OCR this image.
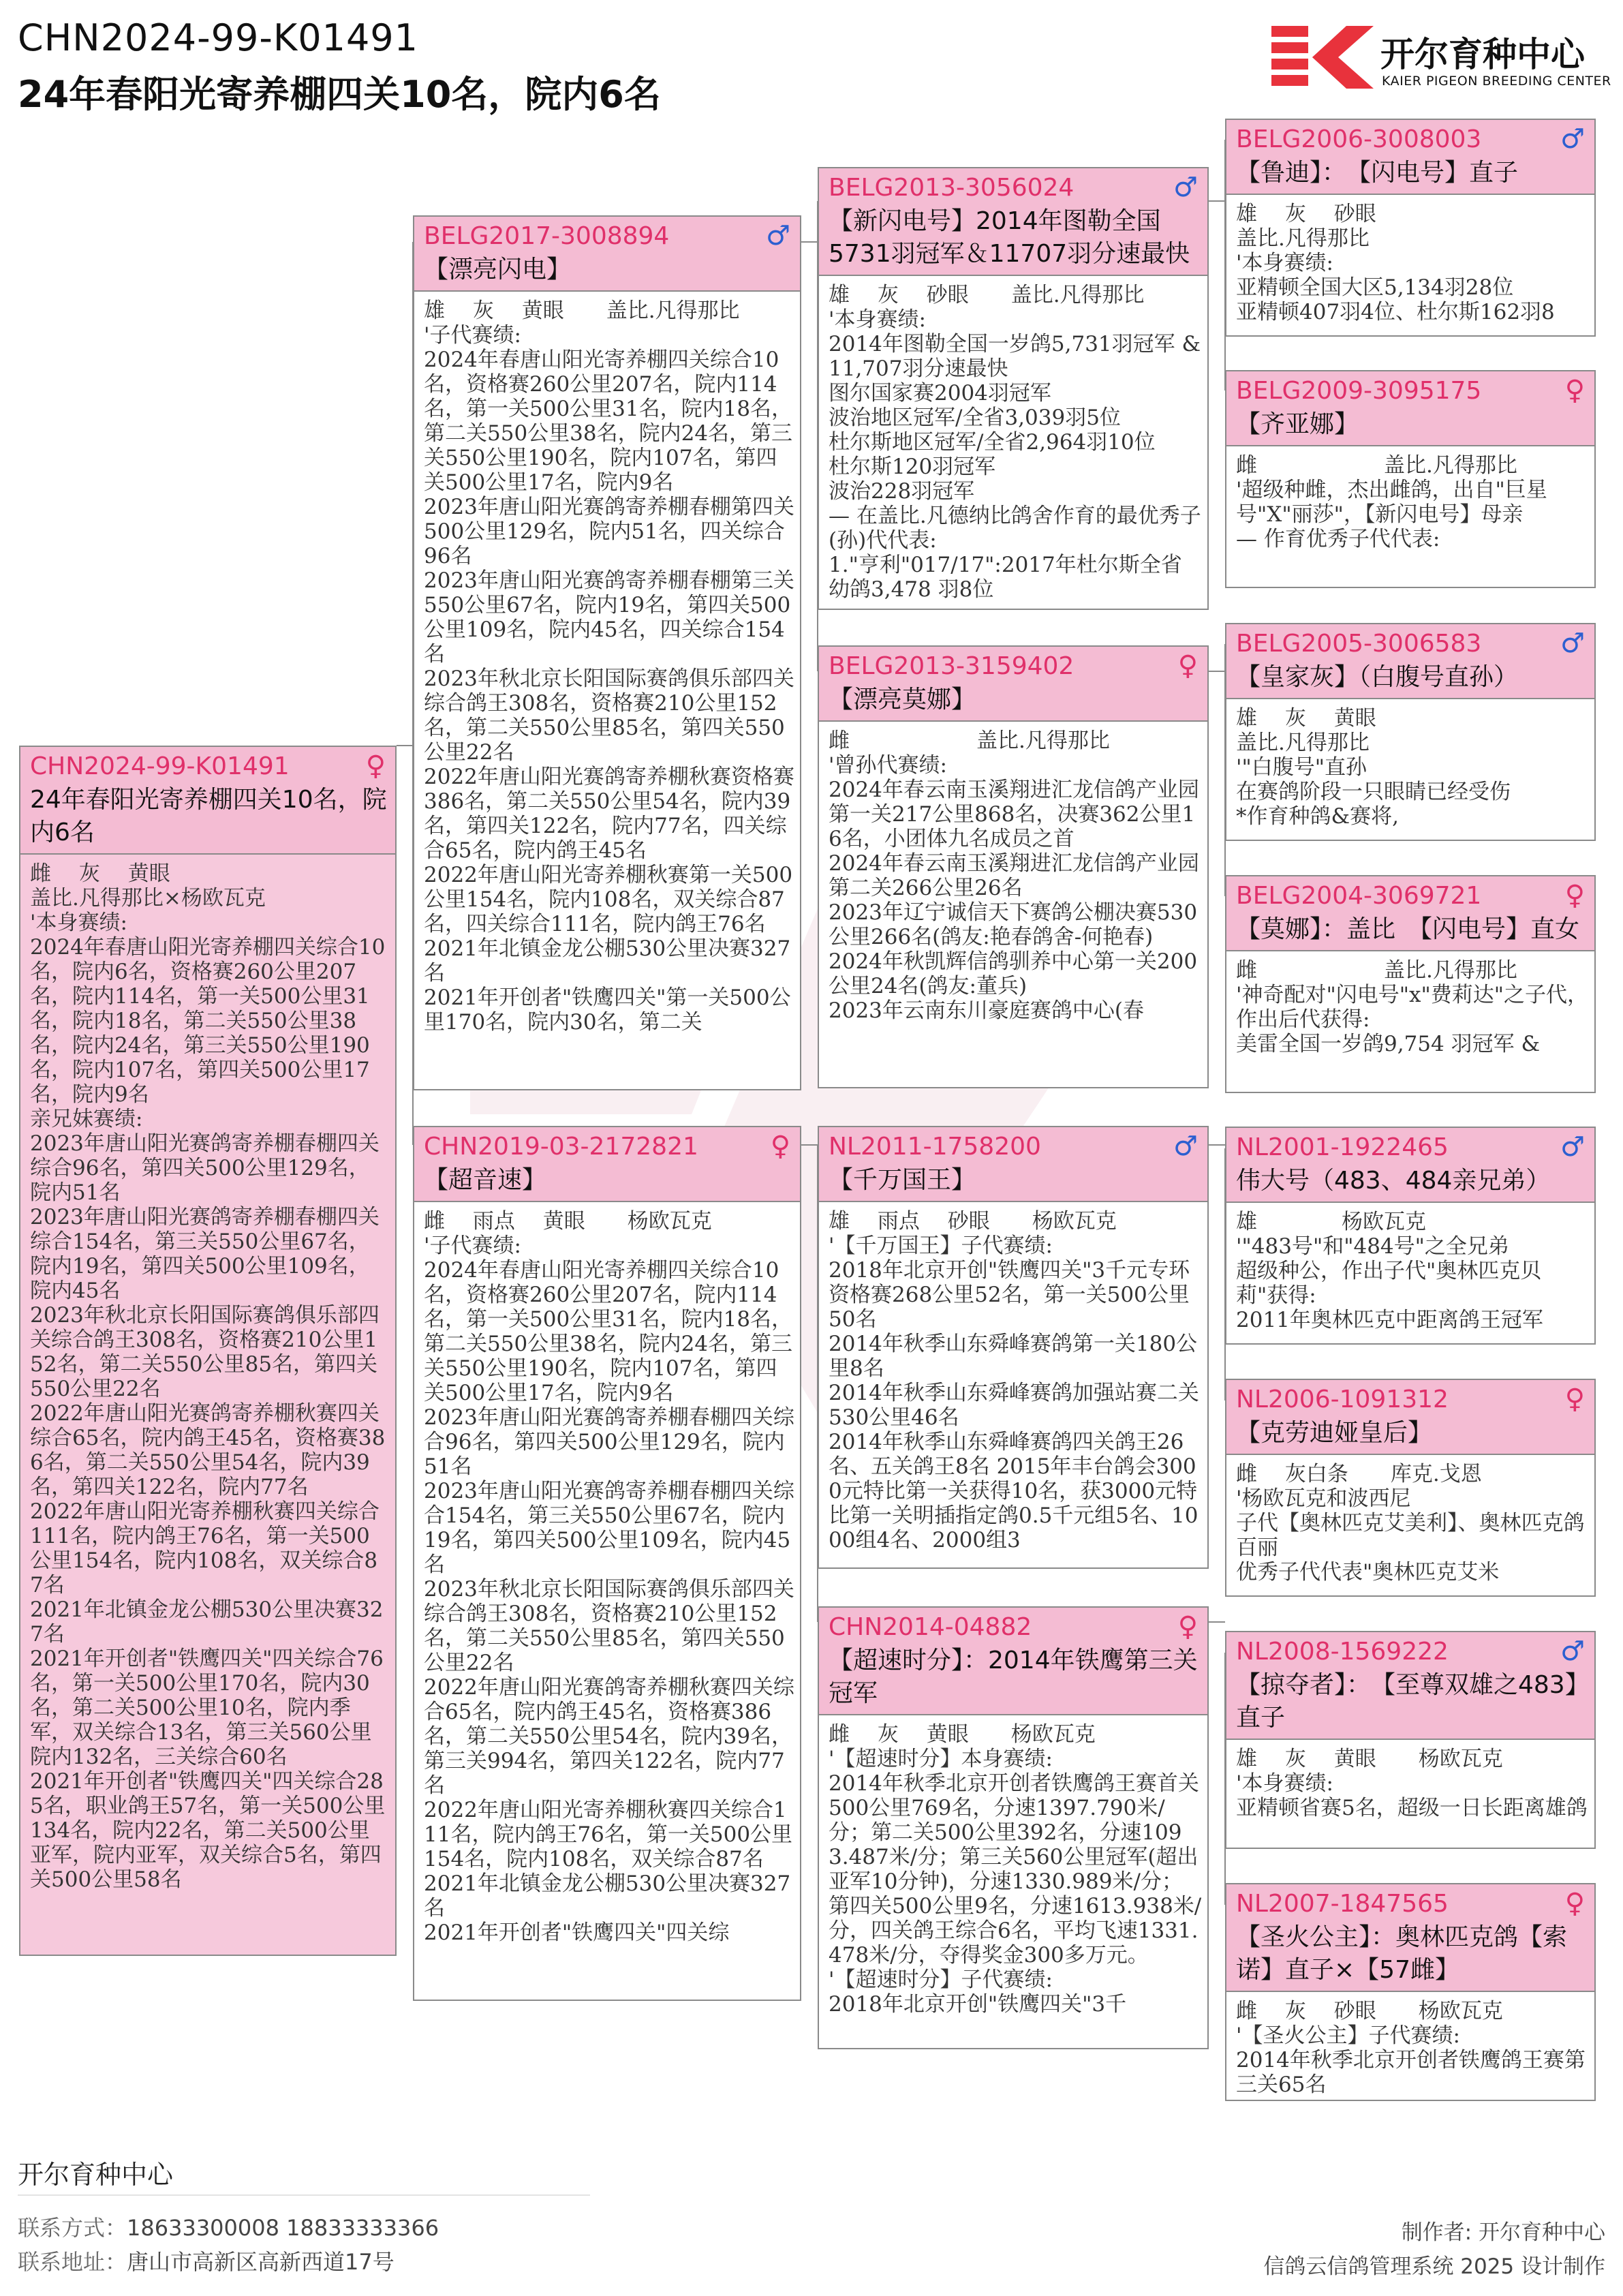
CHN2024-99-K01491
24年春阳光寄养棚四关10名，院内6名
开尔育种中心
KAIER PIGEON BREEDING CENTER
CHN2024-99-K01491	♀
24年春阳光寄养棚四关10名，院内6名
雌　 灰　 黄眼
盖比.凡得那比×杨欧瓦克
'本身赛绩:
2024年春唐山阳光寄养棚四关综合10名，院内6名，资格赛260公里207名，院内114名，第一关500公里31名，院内18名，第二关550公里38名，院内24名，第三关550公里190名，院内107名，第四关500公里17名，院内9名
亲兄妹赛绩:
2023年唐山阳光赛鸽寄养棚春棚四关综合96名，第四关500公里129名，院内51名
2023年唐山阳光赛鸽寄养棚春棚四关综合154名，第三关550公里67名，院内19名，第四关500公里109名，院内45名
2023年秋北京长阳国际赛鸽俱乐部四关综合鸽王308名，资格赛210公里152名，第二关550公里85名，第四关550公里22名
2022年唐山阳光赛鸽寄养棚秋赛四关综合65名，院内鸽王45名，资格赛386名，第二关550公里54名，院内39名，第四关122名，院内77名
2022年唐山阳光寄养棚秋赛四关综合111名，院内鸽王76名，第一关500公里154名，院内108名，双关综合87名
2021年北镇金龙公棚530公里决赛327名
2021年开创者"铁鹰四关"四关综合76名，第一关500公里170名，院内30名，第二关500公里10名，院内季军，双关综合13名，第三关560公里院内132名，三关综合60名
2021年开创者"铁鹰四关"四关综合285名，职业鸽王57名，第一关500公里134名，院内22名，第二关500公里亚军，院内亚军，双关综合5名，第四关500公里58名
BELG2017-3008894	♂
【漂亮闪电】
雄　 灰　 黄眼　　盖比.凡得那比
'子代赛绩:
2024年春唐山阳光寄养棚四关综合10名，资格赛260公里207名，院内114名，第一关500公里31名，院内18名，第二关550公里38名，院内24名，第三关550公里190名，院内107名，第四关500公里17名，院内9名
2023年唐山阳光赛鸽寄养棚春棚第四关500公里129名，院内51名，四关综合96名
2023年唐山阳光赛鸽寄养棚春棚第三关550公里67名，院内19名，第四关500公里109名，院内45名，四关综合154名
2023年秋北京长阳国际赛鸽俱乐部四关综合鸽王308名，资格赛210公里152名，第二关550公里85名，第四关550公里22名
2022年唐山阳光赛鸽寄养棚秋赛资格赛386名，第二关550公里54名，院内39名，第四关122名，院内77名，四关综合65名，院内鸽王45名
2022年唐山阳光寄养棚秋赛第一关500公里154名，院内108名，双关综合87名，四关综合111名，院内鸽王76名
2021年北镇金龙公棚530公里决赛327名
2021年开创者"铁鹰四关"第一关500公里170名，院内30名，第二关
CHN2019-03-2172821	♀
【超音速】
雌　 雨点　 黄眼　　杨欧瓦克
'子代赛绩:
2024年春唐山阳光寄养棚四关综合10名，资格赛260公里207名，院内114名，第一关500公里31名，院内18名，第二关550公里38名，院内24名，第三关550公里190名，院内107名，第四关500公里17名，院内9名
2023年唐山阳光赛鸽寄养棚春棚四关综合96名，第四关500公里129名，院内51名
2023年唐山阳光赛鸽寄养棚春棚四关综合154名，第三关550公里67名，院内19名，第四关500公里109名，院内45名
2023年秋北京长阳国际赛鸽俱乐部四关综合鸽王308名，资格赛210公里152名，第二关550公里85名，第四关550公里22名
2022年唐山阳光赛鸽寄养棚秋赛四关综合65名，院内鸽王45名，资格赛386名，第二关550公里54名，院内39名，第三关994名，第四关122名，院内77名
2022年唐山阳光寄养棚秋赛四关综合111名，院内鸽王76名，第一关500公里154名，院内108名，双关综合87名
2021年北镇金龙公棚530公里决赛327名
2021年开创者"铁鹰四关"四关综
BELG2013-3056024	♂
【新闪电号】2014年图勒全国5731羽冠军＆11707羽分速最快
雄　 灰　 砂眼　　盖比.凡得那比
'本身赛绩:
2014年图勒全国一岁鸽5,731羽冠军 & 11,707羽分速最快
图尔国家赛2004羽冠军
波治地区冠军/全省3,039羽5位
杜尔斯地区冠军/全省2,964羽10位
杜尔斯120羽冠军
波治228羽冠军
— 在盖比.凡德纳比鸽舍作育的最优秀子(孙)代代表:
1."亨利"017/17":2017年杜尔斯全省幼鸽3,478 羽8位
BELG2013-3159402	♀
【漂亮莫娜】
雌　　　　　　盖比.凡得那比
'曾孙代赛绩:
2024年春云南玉溪翔进汇龙信鸽产业园第一关217公里868名，决赛362公里16名，小团体九名成员之首
2024年春云南玉溪翔进汇龙信鸽产业园第二关266公里26名
2023年辽宁诚信天下赛鸽公棚决赛530公里266名(鸽友:艳春鸽舍-何艳春)
2024年秋凯辉信鸽驯养中心第一关200公里24名(鸽友:董兵)
2023年云南东川豪庭赛鸽中心(春
NL2011-1758200	♂
【千万国王】
雄　 雨点　 砂眼　　杨欧瓦克
'【千万国王】子代赛绩:
2018年北京开创"铁鹰四关"3千元专环资格赛268公里52名，第一关500公里50名
2014年秋季山东舜峰赛鸽第一关180公里8名
2014年秋季山东舜峰赛鸽加强站赛二关530公里46名
2014年秋季山东舜峰赛鸽四关鸽王26名、五关鸽王8名 2015年丰台鸽会3000元特比第一关获得10名，获3000元特比第一关明插指定鸽0.5千元组5名、1000组4名、2000组3
CHN2014-04882	♀
【超速时分】：2014年铁鹰第三关冠军
雌　 灰　 黄眼　　杨欧瓦克
'【超速时分】本身赛绩:
2014年秋季北京开创者铁鹰鸽王赛首关500公里769名，分速1397.790米/分；第二关500公里392名，分速1093.487米/分；第三关560公里冠军(超出亚军10分钟)，分速1330.989米/分；第四关500公里9名，分速1613.938米/分，四关鸽王综合6名，平均飞速1331.478米/分，夺得奖金300多万元。
'【超速时分】子代赛绩:
2018年北京开创"铁鹰四关"3千
BELG2006-3008003	♂
【鲁迪】：　【闪电号】直子
雄　 灰　 砂眼
盖比.凡得那比
'本身赛绩:
亚精顿全国大区5,134羽28位
亚精顿407羽4位、杜尔斯162羽8
BELG2009-3095175	♀
【齐亚娜】
雌　　　　　　盖比.凡得那比
'超级种雌，杰出雌鸽，出自"巨星号"X"丽莎"，【新闪电号】母亲
— 作育优秀子代代表:
BELG2005-3006583	♂
【皇家灰】（白腹号直孙）
雄　 灰　 黄眼
盖比.凡得那比
'"白腹号"直孙
在赛鸽阶段一只眼睛已经受伤
*作育种鸽&赛将,
BELG2004-3069721	♀
【莫娜】：盖比　【闪电号】直女
雌　　　　　　盖比.凡得那比
'神奇配对"闪电号"x"费莉达"之子代，作出后代获得:
美雷全国一岁鸽9,754 羽冠军 &
NL2001-1922465	♂
伟大号（483、484亲兄弟）
雄　　　　杨欧瓦克
'"483号"和"484号"之全兄弟
超级种公，作出子代"奥林匹克贝莉"获得:
2011年奥林匹克中距离鸽王冠军
NL2006-1091312	♀
【克劳迪娅皇后】
雌　 灰白条　　库克.戈恩
'杨欧瓦克和波西尼
子代【奥林匹克艾美利】、奥林匹克鸽百丽
优秀子代代表"奥林匹克艾米
NL2008-1569222	♂
【掠夺者】：　【至尊双雄之483】直子
雄　 灰　 黄眼　　杨欧瓦克
'本身赛绩:
亚精顿省赛5名，超级一日长距离雄鸽
NL2007-1847565	♀
【圣火公主】：奥林匹克鸽【索诺】直子×【57雌】
雌　 灰　 砂眼　　杨欧瓦克
'【圣火公主】子代赛绩:
2014年秋季北京开创者铁鹰鸽王赛第三关65名
开尔育种中心
联系方式：18633300008 18833333366
联系地址：唐山市高新区高新西道17号
制作者: 开尔育种中心
信鸽云信鸽管理系统 2025 设计制作
